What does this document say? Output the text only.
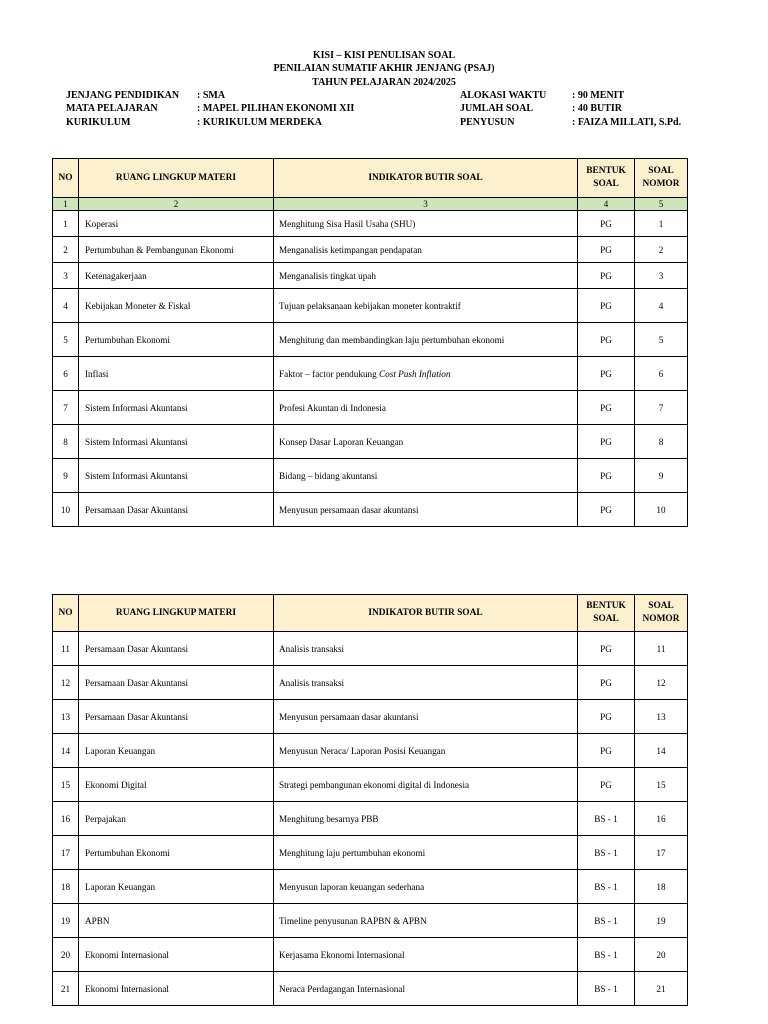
KISI – KISI PENULISAN SOAL
PENILAIAN SUMATIF AKHIR JENJANG (PSAJ)
TAHUN PELAJARAN 2024/2025
JENJANG PENDIDIKAN : SMA
MATA PELAJARAN	: MAPEL PILIHAN EKONOMI XII
KURIKULUM	: KURIKULUM MERDEKA
ALOKASI WAKTU	: 90 MENIT
JUMLAH SOAL	: 40 BUTIR
PENYUSUN	: FAIZA MILLATI, S.Pd.
NO	RUANG LINGKUP MATERI	INDIKATOR BUTIR SOAL	BENTUK SOAL	SOAL NOMOR
1	2	3	4	5
1	Koperasi	Menghitung Sisa Hasil Usaha (SHU)	PG	1
2	Pertumbuhan & Pembangunan Ekonomi	Menganalisis ketimpangan pendapatan	PG	2
3	Ketenagakerjaan	Menganalisis tingkat upah	PG	3
4	Kebijakan Moneter & Fiskal	Tujuan pelaksanaan kebijakan moneter kontraktif	PG	4
5	Pertumbuhan Ekonomi	Menghitung dan membandingkan laju pertumbuhan ekonomi	PG	5
6	Inflasi	Faktor – factor pendukung Cost Push Inflation	PG	6
7	Sistem Informasi Akuntansi	Profesi Akuntan di Indonesia	PG	7
8	Sistem Informasi Akuntansi	Konsep Dasar Laporan Keuangan	PG	8
9	Sistem Informasi Akuntansi	Bidang – bidang akuntansi	PG	9
10	Persamaan Dasar Akuntansi	Menyusun persamaan dasar akuntansi	PG	10
NO	RUANG LINGKUP MATERI	INDIKATOR BUTIR SOAL	BENTUK SOAL	SOAL NOMOR
11	Persamaan Dasar Akuntansi	Analisis transaksi	PG	11
12	Persamaan Dasar Akuntansi	Analisis transaksi	PG	12
13	Persamaan Dasar Akuntansi	Menyusun persamaan dasar akuntansi	PG	13
14	Laporan Keuangan	Menyusun Neraca/ Laporan Posisi Keuangan	PG	14
15	Ekonomi Digital	Strategi pembangunan ekonomi digital di Indonesia	PG	15
16	Perpajakan	Menghitung besarnya PBB	BS - 1	16
17	Pertumbuhan Ekonomi	Menghitung laju pertumbuhan ekonomi	BS - 1	17
18	Laporan Keuangan	Menyusun laporan keuangan sederhana	BS - 1	18
19	APBN	Timeline penyusunan RAPBN & APBN	BS - 1	19
20	Ekonomi Internasional	Kerjasama Ekonomi Internasional	BS - 1	20
21	Ekonomi Internasional	Neraca Perdagangan Internasional	BS - 1	21
